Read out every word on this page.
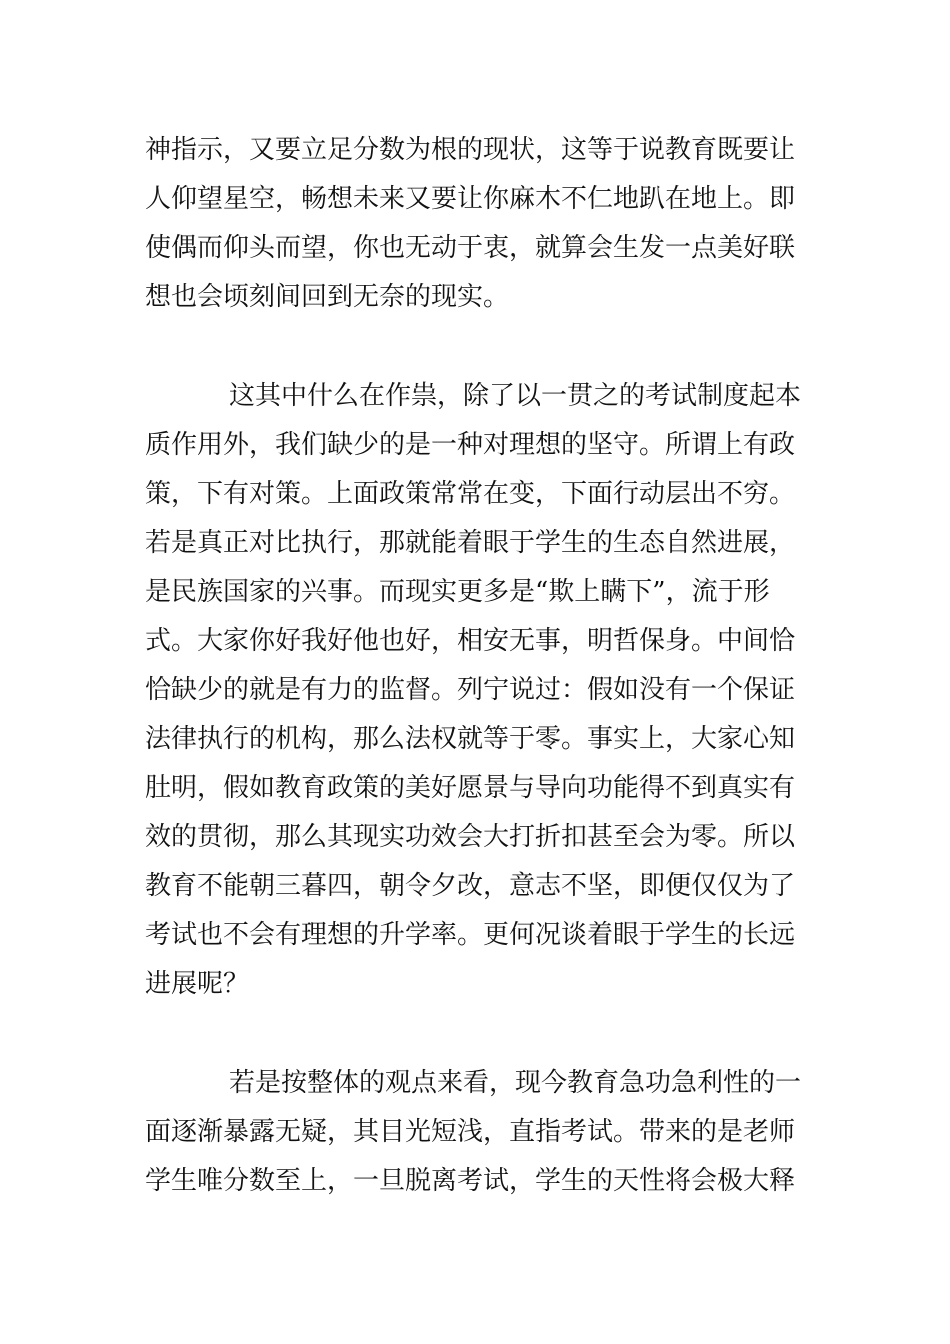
神指示，又要立足分数为根的现状，这等于说教育既要让
人仰望星空，畅想未来又要让你麻木不仁地趴在地上。即
使偶而仰头而望，你也无动于衷，就算会生发一点美好联
想也会顷刻间回到无奈的现实。
这其中什么在作祟，除了以一贯之的考试制度起本
质作用外，我们缺少的是一种对理想的坚守。所谓上有政
策，下有对策。上面政策常常在变，下面行动层出不穷。
若是真正对比执行，那就能着眼于学生的生态自然进展，
是民族国家的兴事。而现实更多是“欺上瞒下”，流于形
式。大家你好我好他也好，相安无事，明哲保身。中间恰
恰缺少的就是有力的监督。列宁说过：假如没有一个保证
法律执行的机构，那么法权就等于零。事实上，大家心知
肚明，假如教育政策的美好愿景与导向功能得不到真实有
效的贯彻，那么其现实功效会大打折扣甚至会为零。所以
教育不能朝三暮四，朝令夕改，意志不坚，即便仅仅为了
考试也不会有理想的升学率。更何况谈着眼于学生的长远
进展呢？
若是按整体的观点来看，现今教育急功急利性的一
面逐渐暴露无疑，其目光短浅，直指考试。带来的是老师
学生唯分数至上，一旦脱离考试，学生的天性将会极大释
